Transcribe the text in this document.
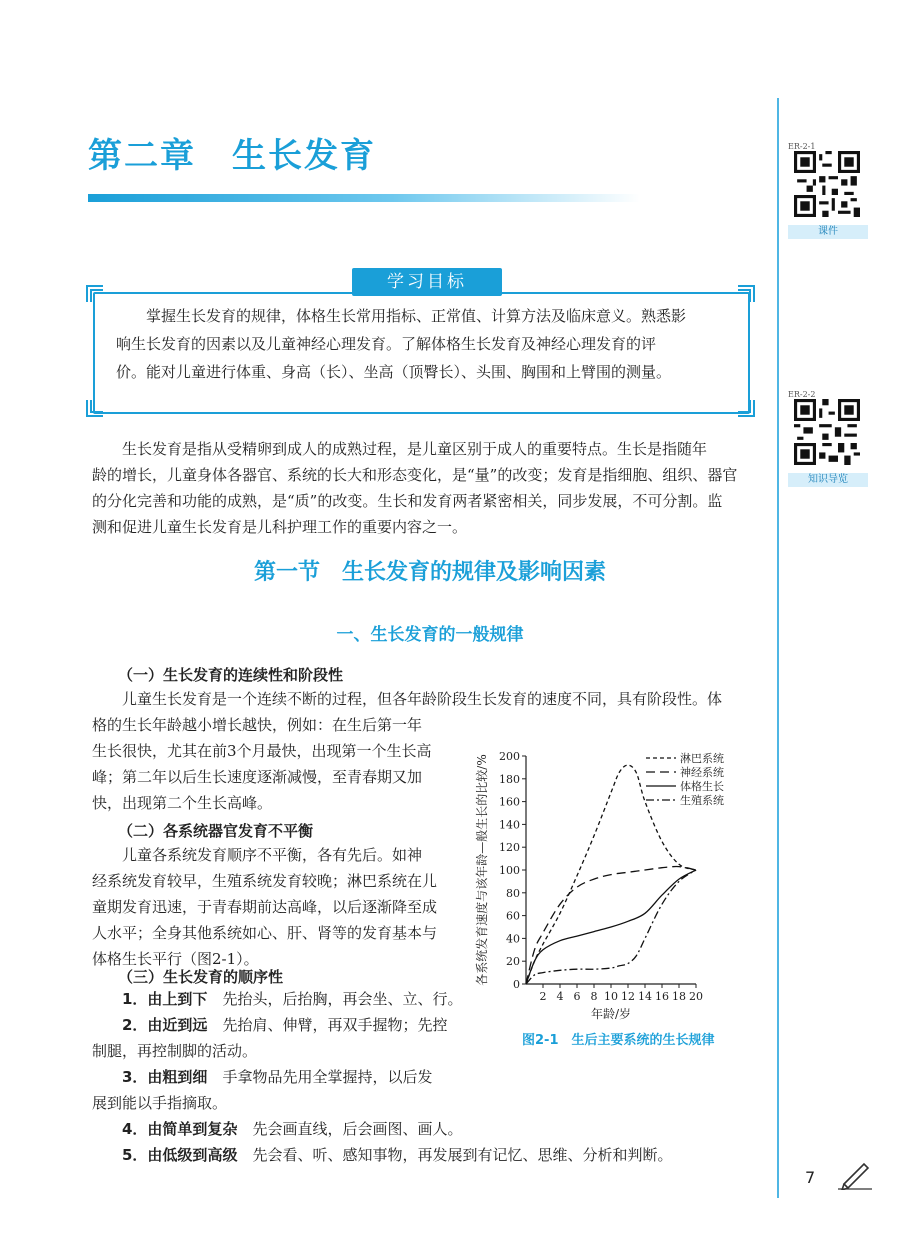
ER-2-1
课件
ER-2-2
知识导览
第二章　生长发育
学习目标

掌握生长发育的规律，体格生长常用指标、正常值、计算方法及临床意义。熟悉影

响生长发育的因素以及儿童神经心理发育。了解体格生长发育及神经心理发育的评

价。能对儿童进行体重、身高（长）、坐高（顶臀长）、头围、胸围和上臂围的测量。

生长发育是指从受精卵到成人的成熟过程，是儿童区别于成人的重要特点。生长是指随年
龄的增长，儿童身体各器官、系统的长大和形态变化，是“量”的改变；发育是指细胞、组织、器官
的分化完善和功能的成熟，是“质”的改变。生长和发育两者紧密相关，同步发展，不可分割。监
测和促进儿童生长发育是儿科护理工作的重要内容之一。
第一节　生长发育的规律及影响因素
一、生长发育的一般规律
（一）生长发育的连续性和阶段性
儿童生长发育是一个连续不断的过程，但各年龄阶段生长发育的速度不同，具有阶段性。体
格的生长年龄越小增长越快，例如：在生后第一年
生长很快，尤其在前3个月最快，出现第一个生长高
峰；第二年以后生长速度逐渐减慢，至青春期又加
快，出现第二个生长高峰。
（二）各系统器官发育不平衡
儿童各系统发育顺序不平衡，各有先后。如神
经系统发育较早，生殖系统发育较晚；淋巴系统在儿
童期发育迅速，于青春期前达高峰，以后逐渐降至成
人水平；全身其他系统如心、肝、肾等的发育基本与
体格生长平行（图2-1）。
（三）生长发育的顺序性
1．由上到下　 先抬头，后抬胸，再会坐、立、行。
2．由近到远　 先抬肩、伸臂，再双手握物；先控
制腿，再控制脚的活动。
3．由粗到细　 手拿物品先用全掌握持，以后发
展到能以手指摘取。
4．由简单到复杂　 先会画直线，后会画图、画人。
5．由低级到高级　 先会看、听、感知事物，再发展到有记忆、思维、分析和判断。
0
20
40
60
80
100
120
140
160
180
200
2 4 6 8 10 12 14 16 18 20
年龄/岁
各系统发育速度与该年龄—般生长的比较/%	淋巴系统
神经系统
体格生长
生殖系统
图2-1　生后主要系统的生长规律
7
